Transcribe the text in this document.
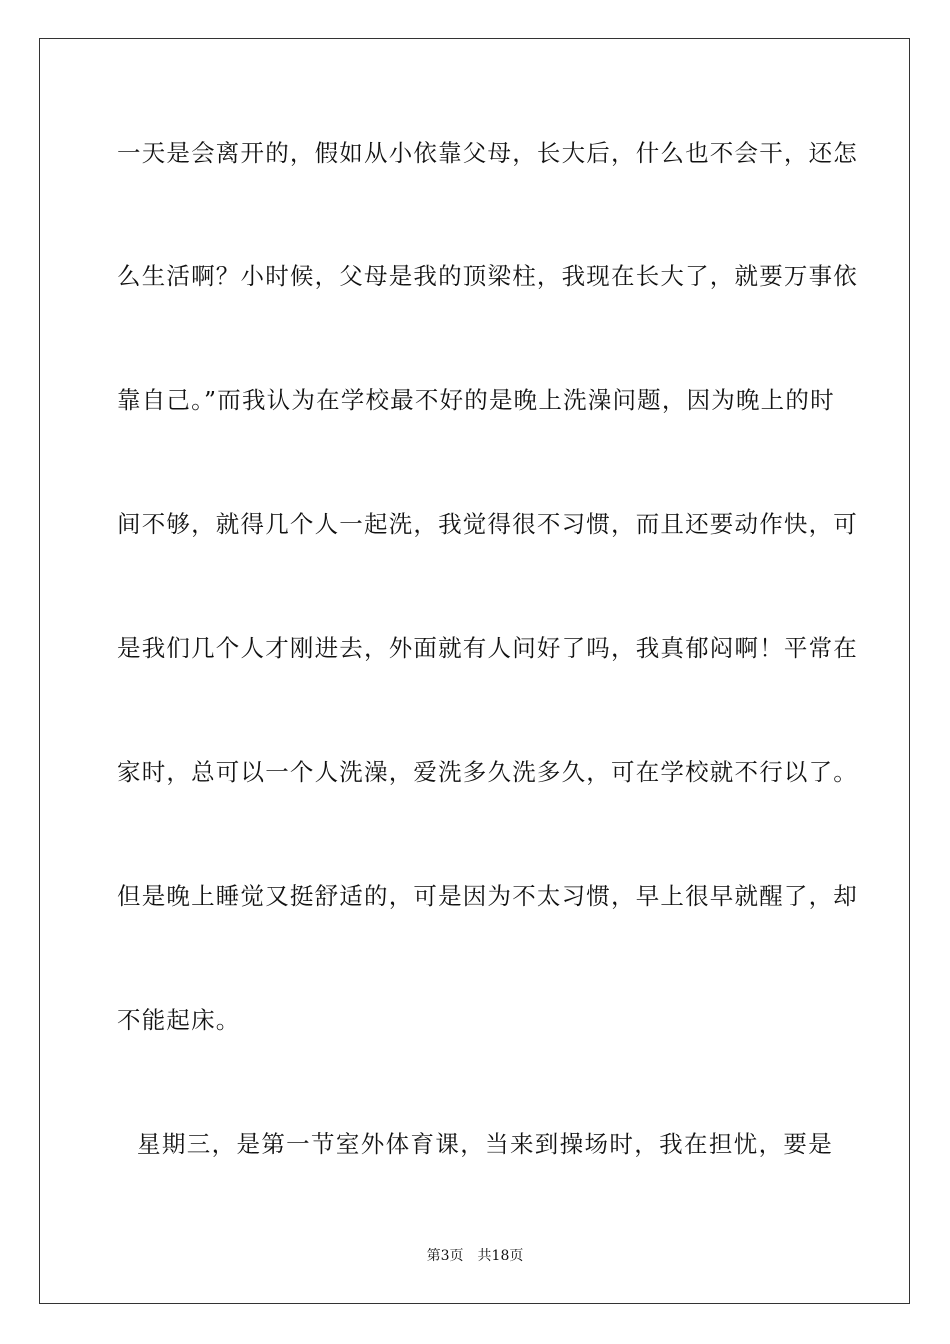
一天是会离开的，假如从小依靠父母，长大后，什么也不会干，还怎
么生活啊？小时候，父母是我的顶梁柱，我现在长大了，就要万事依
靠自己。”而我认为在学校最不好的是晚上洗澡问题，因为晚上的时
间不够，就得几个人一起洗，我觉得很不习惯，而且还要动作快，可
是我们几个人才刚进去，外面就有人问好了吗，我真郁闷啊！平常在
家时，总可以一个人洗澡，爱洗多久洗多久，可在学校就不行以了。
但是晚上睡觉又挺舒适的，可是因为不太习惯，早上很早就醒了，却
不能起床。
星期三，是第一节室外体育课，当来到操场时，我在担忧，要是
第3页 共18页
